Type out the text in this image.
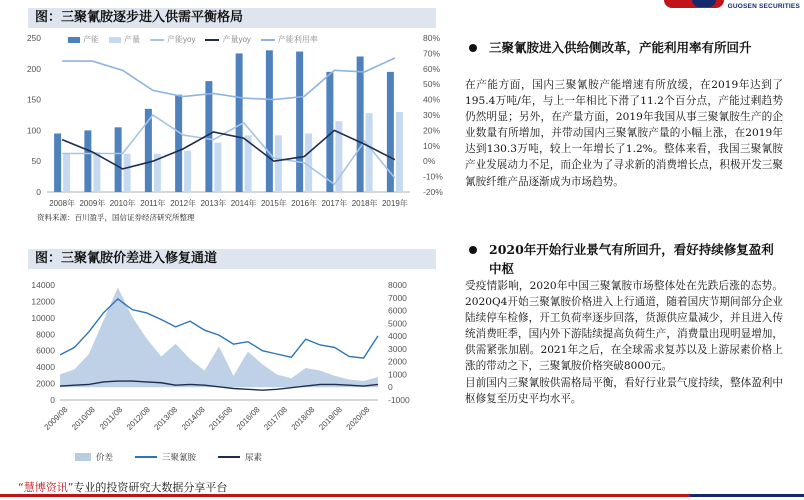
GUOSEN SECURITIES
图：三聚氰胺逐步进入供需平衡格局
0
50
100
150
200
250
-20%
-10%
0%
10%
20%
30%
40%
50%
60%
70%
80%
2008年 2009年 2010年 2011年 2012年 2013年 2014年 2015年 2016年 2017年 2018年 2019年
产能	产量	产能yoy	产量yoy	产能利用率
资料来源：百川盈孚，国信证券经济研究所整理
图：三聚氰胺价差进入修复通道
0
2000
4000
6000
8000
10000
12000
14000
-1000
0
1000
2000
3000
4000
5000
6000
7000
8000
2009/08 2010/08 2011/08 2012/08 2013/08 2014/08 2015/08 2016/08 2017/08 2018/08 2019/08 2020/08
价差	三聚氰胺	尿素
三聚氰胺进入供给侧改革，产能利用率有所回升
在产能方面，国内三聚氰胺产能增速有所放缓，在2019年达到了195.4万吨/年，与上一年相比下滑了11.2个百分点，产能过剩趋势仍然明显；另外，在产量方面，2019年我国从事三聚氰胺生产的企业数量有所增加，并带动国内三聚氰胺产量的小幅上涨，在2019年达到130.3万吨，较上一年增长了1.2%。整体来看，我国三聚氰胺产业发展动力不足，而企业为了寻求新的消费增长点，积极开发三聚氰胺纤维产品逐渐成为市场趋势。
2020年开始行业景气有所回升，看好持续修复盈利中枢
受疫情影响，2020年中国三聚氰胺市场整体处在先跌后涨的态势。2020Q4开始三聚氰胺价格进入上行通道，随着国庆节期间部分企业陆续停车检修，开工负荷率逐步回落，货源供应量减少，并且进入传统消费旺季，国内外下游陆续提高负荷生产，消费量出现明显增加，供需紧张加剧。2021年之后，在全球需求复苏以及上游尿素价格上涨的带动之下，三聚氰胺价格突破8000元。
目前国内三聚氰胺供需格局平衡，看好行业景气度持续，整体盈利中枢修复至历史平均水平。
“慧博资讯”专业的投资研究大数据分享平台
